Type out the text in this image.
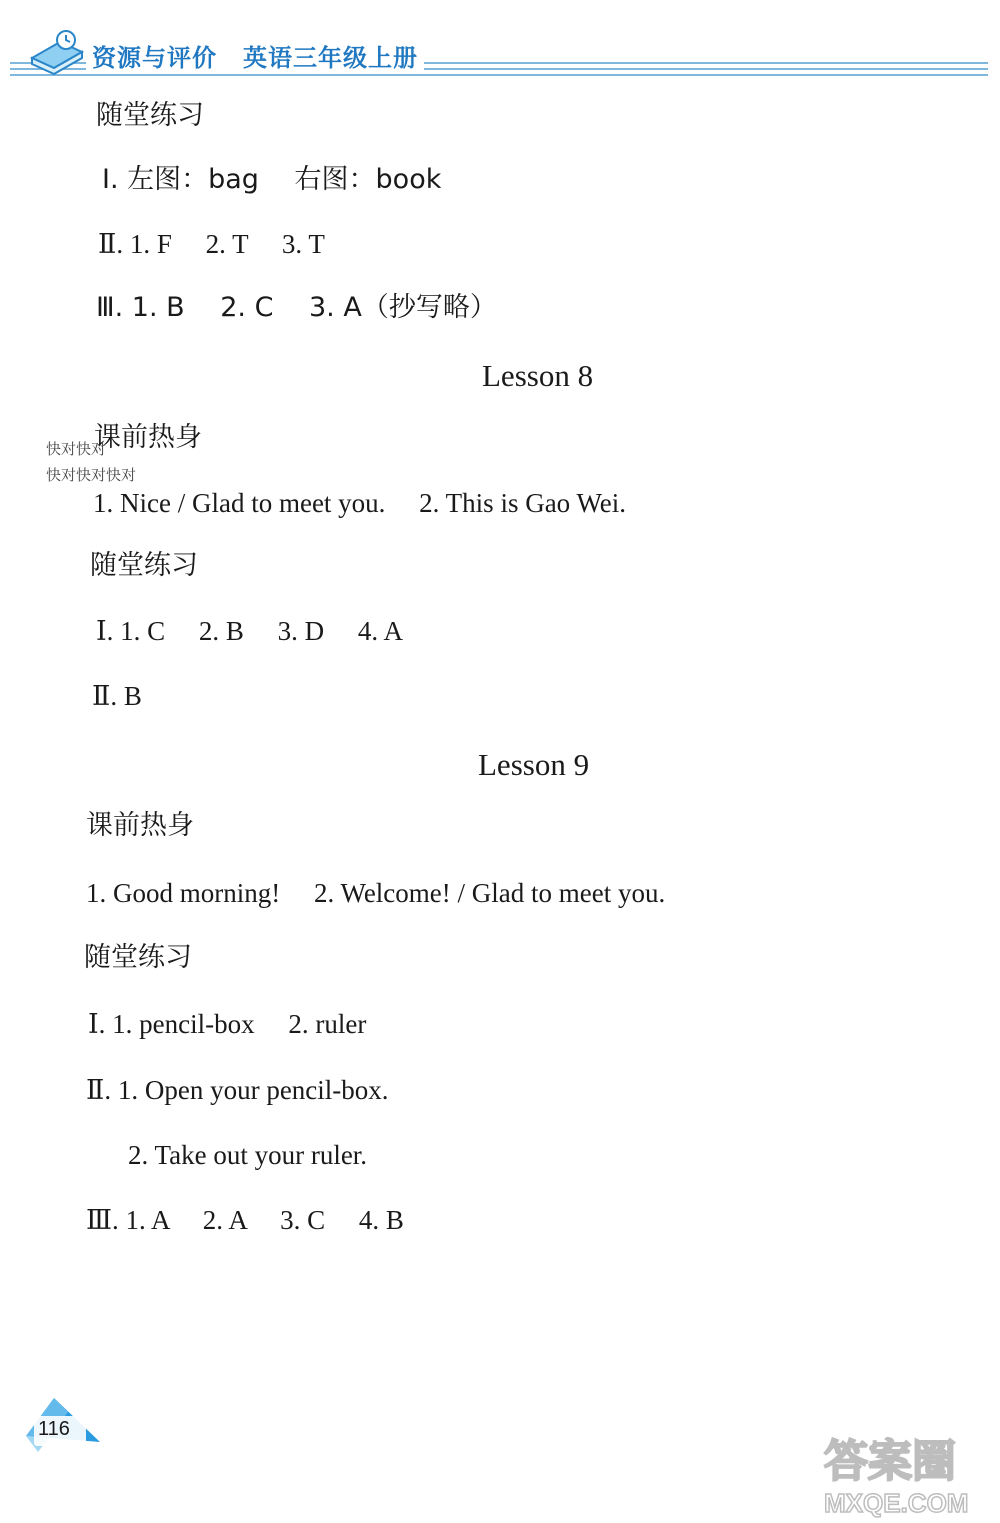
资源与评价 英语三年级上册
随堂练习
Ⅰ. 左图：bag　 右图：book
Ⅱ. 1. F　 2. T　 3. T
Ⅲ. 1. B　 2. C　 3. A（抄写略）
Lesson 8
课前热身
快对快对
快对快对快对
1. Nice / Glad to meet you.　 2. This is Gao Wei.
随堂练习
Ⅰ. 1. C　 2. B　 3. D　 4. A
Ⅱ. B
Lesson 9
课前热身
1. Good morning!　 2. Welcome! / Glad to meet you.
随堂练习
Ⅰ. 1. pencil-box　 2. ruler
Ⅱ. 1. Open your pencil-box.
2. Take out your ruler.
Ⅲ. 1. A　 2. A　 3. C　 4. B
116
答案圈
MXQE.COM
